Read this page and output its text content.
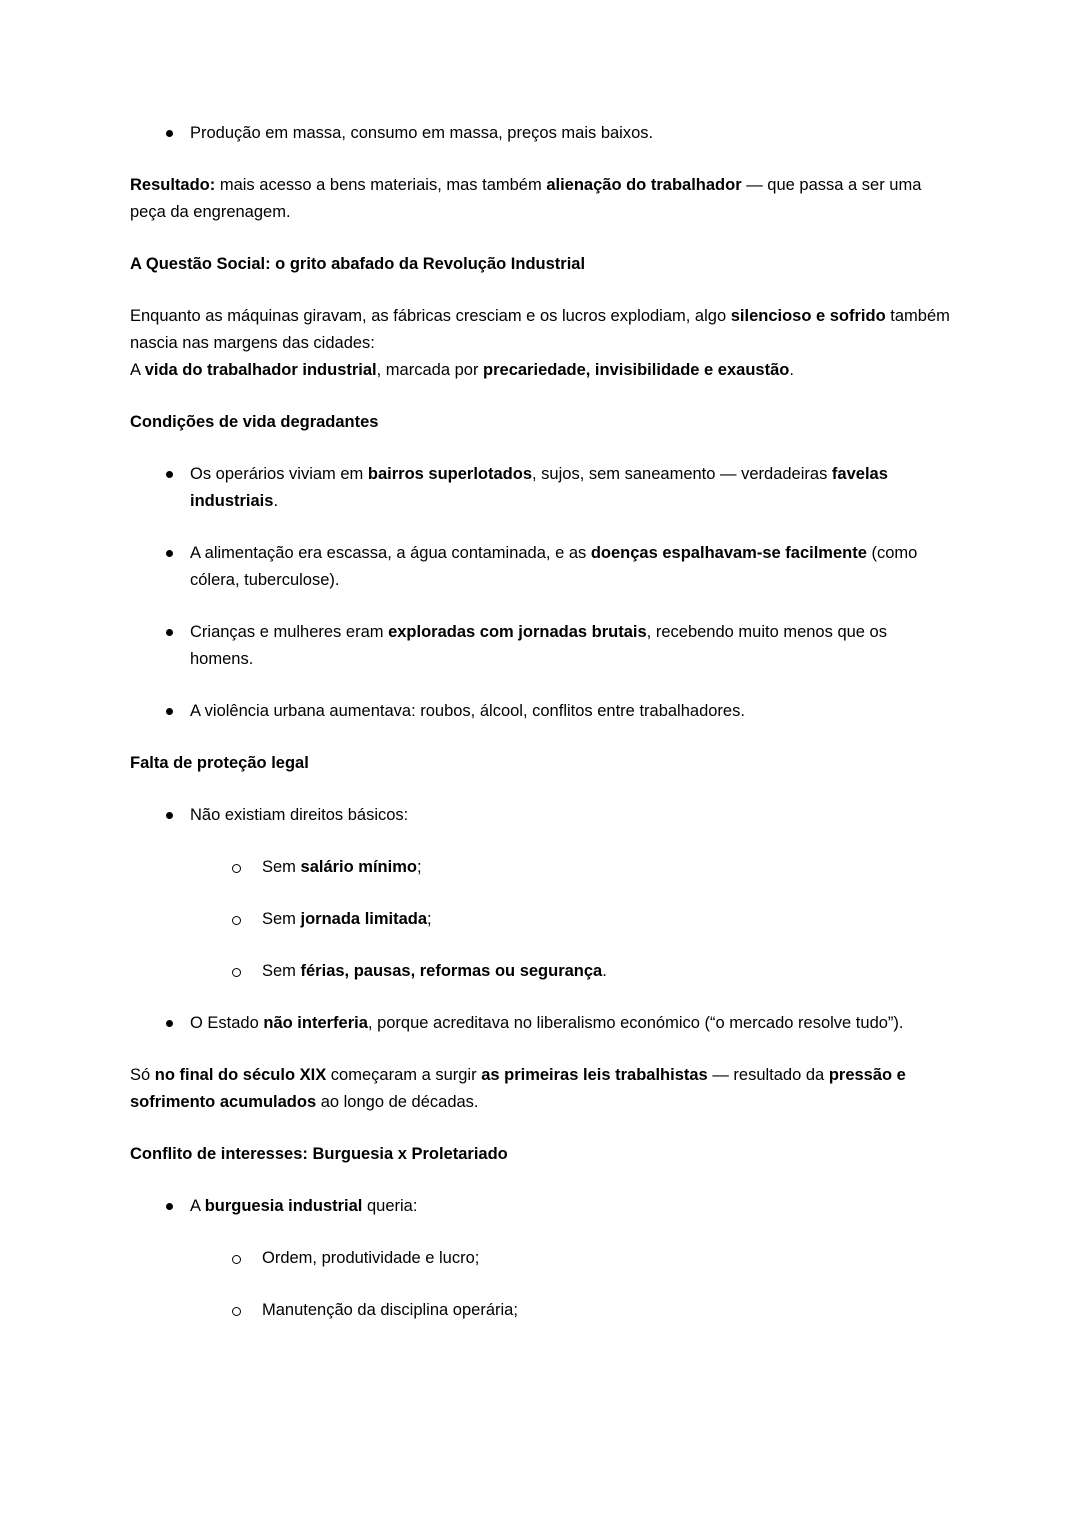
Produção em massa, consumo em massa, preços mais baixos.
Resultado: mais acesso a bens materiais, mas também alienação do trabalhador — que passa a ser uma peça da engrenagem.
A Questão Social: o grito abafado da Revolução Industrial
Enquanto as máquinas giravam, as fábricas cresciam e os lucros explodiam, algo silencioso e sofrido também nascia nas margens das cidades:
A vida do trabalhador industrial, marcada por precariedade, invisibilidade e exaustão.
Condições de vida degradantes
Os operários viviam em bairros superlotados, sujos, sem saneamento — verdadeiras favelas industriais.
A alimentação era escassa, a água contaminada, e as doenças espalhavam-se facilmente (como cólera, tuberculose).
Crianças e mulheres eram exploradas com jornadas brutais, recebendo muito menos que os homens.
A violência urbana aumentava: roubos, álcool, conflitos entre trabalhadores.
Falta de proteção legal
Não existiam direitos básicos:
Sem salário mínimo;
Sem jornada limitada;
Sem férias, pausas, reformas ou segurança.
O Estado não interferia, porque acreditava no liberalismo económico (“o mercado resolve tudo”).
Só no final do século XIX começaram a surgir as primeiras leis trabalhistas — resultado da pressão e sofrimento acumulados ao longo de décadas.
Conflito de interesses: Burguesia x Proletariado
A burguesia industrial queria:
Ordem, produtividade e lucro;
Manutenção da disciplina operária;
